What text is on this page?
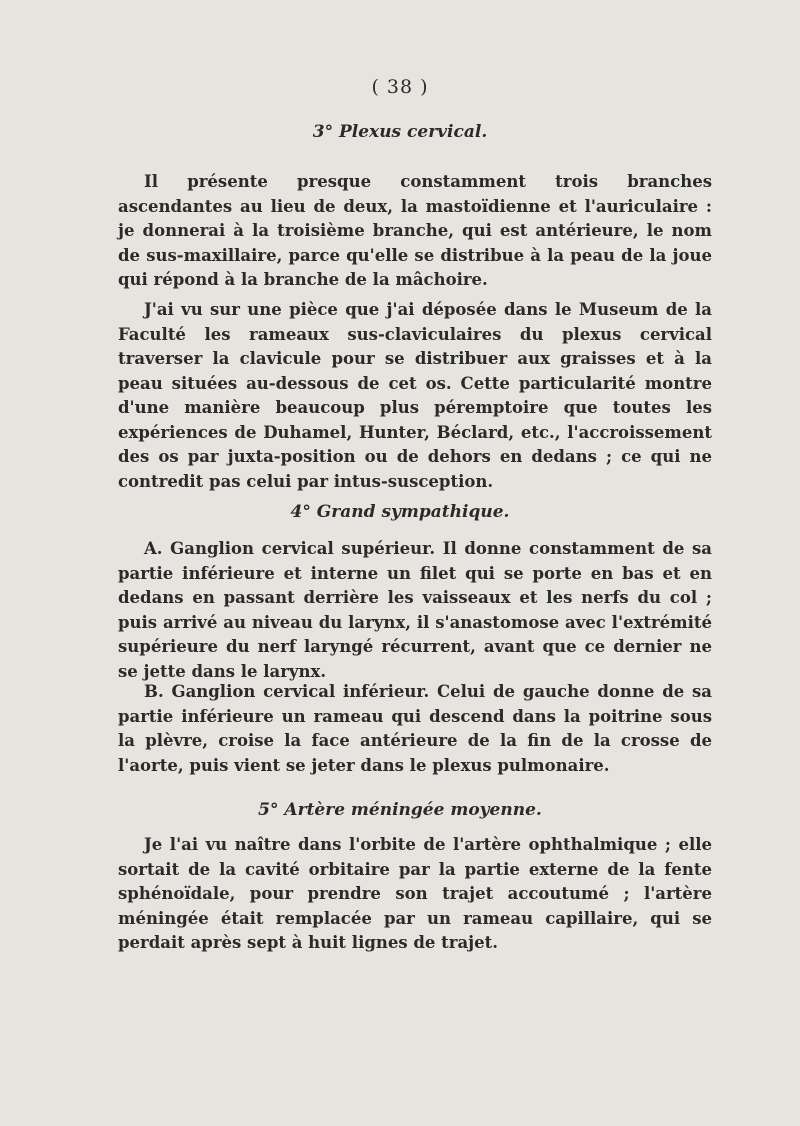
( 38 )
3° Plexus cervical.
Il présente presque constamment trois branches ascendantes au lieu de deux, la mastoïdienne et l'auriculaire : je donnerai à la troisième branche, qui est antérieure, le nom de sus-maxillaire, parce qu'elle se distribue à la peau de la joue qui répond à la branche de la mâchoire.
J'ai vu sur une pièce que j'ai déposée dans le Museum de la Faculté les rameaux sus-claviculaires du plexus cervical traverser la clavicule pour se distribuer aux graisses et à la peau situées au-dessous de cet os. Cette particularité montre d'une manière beaucoup plus péremptoire que toutes les expériences de Duhamel, Hunter, Béclard, etc., l'accroissement des os par juxta-position ou de dehors en dedans ; ce qui ne contredit pas celui par intus-susception.
4° Grand sympathique.
A. Ganglion cervical supérieur. Il donne constamment de sa partie inférieure et interne un filet qui se porte en bas et en dedans en passant derrière les vaisseaux et les nerfs du col ; puis arrivé au niveau du larynx, il s'anastomose avec l'extrémité supérieure du nerf laryngé récurrent, avant que ce dernier ne se jette dans le larynx.
B. Ganglion cervical inférieur. Celui de gauche donne de sa partie inférieure un rameau qui descend dans la poitrine sous la plèvre, croise la face antérieure de la fin de la crosse de l'aorte, puis vient se jeter dans le plexus pulmonaire.
5° Artère méningée moyenne.
Je l'ai vu naître dans l'orbite de l'artère ophthalmique ; elle sortait de la cavité orbitaire par la partie externe de la fente sphénoïdale, pour prendre son trajet accoutumé ; l'artère méningée était remplacée par un rameau capillaire, qui se perdait après sept à huit lignes de trajet.
